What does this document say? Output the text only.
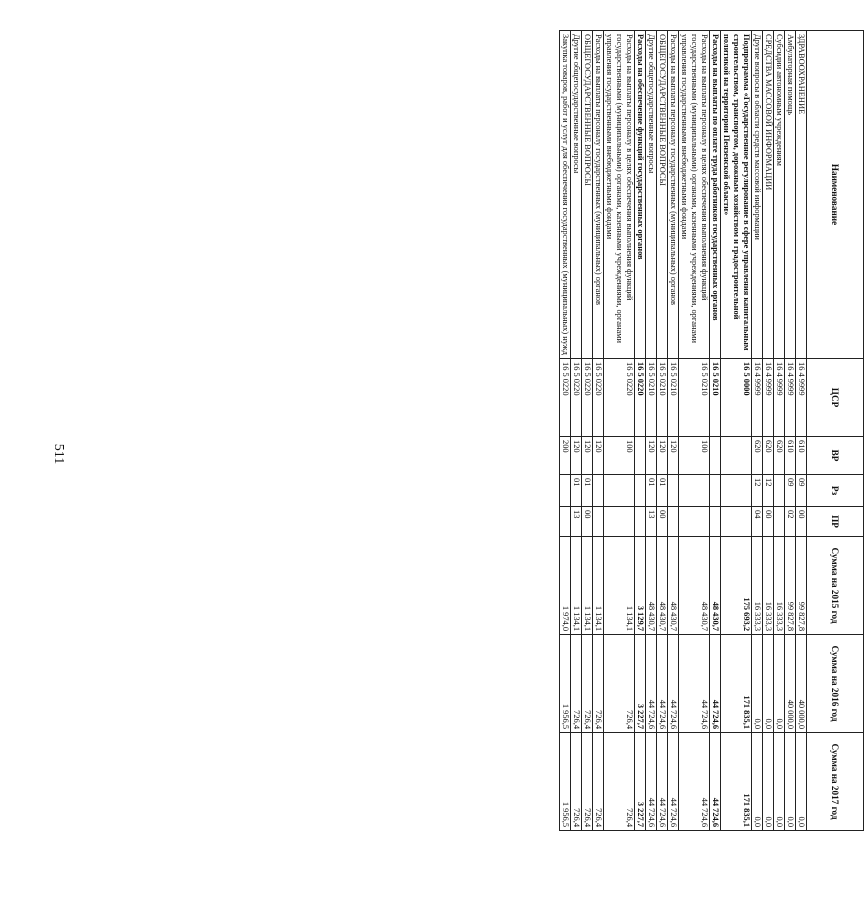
511
Наименование	ЦСР	ВР	Рз	ПР	Сумма на 2015 год	Сумма на 2016 год	Сумма на 2017 год
ЗДРАВООХРАНЕНИЕ	16 4 9999	610	09	00	99 827,8	40 000,0	0,0
Амбулаторная помощь	16 4 9999	610	09	02	99 827,8	40 000,0	0,0
Субсидии автономным учреждениям	16 4 9999	620			16 333,3	0,0	0,0
СРЕДСТВА МАССОВОЙ ИНФОРМАЦИИ	16 4 9999	620	12	00	16 333,3	0,0	0,0
Другие вопросы в области средств массовой информации	16 4 9999	620	12	04	16 333,3	0,0	0,0
Подпрограмма «Государственное регулирование в сфере управления капитальным строительством, транспортом, дорожным хозяйством и градостроительной политикой на территории Пензенской области»	16 5 0000				175 693,2	171 835,1	171 835,1
Расходы на выплаты по оплате труда работников государственных органов	16 5 0210				48 430,7	44 724,6	44 724,6
Расходы на выплаты персоналу в целях обеспечения выполнения функций государственными (муниципальными) органами, казенными учреждениями, органами управления государственными внебюджетными фондами	16 5 0210	100			48 430,7	44 724,6	44 724,6
Расходы на выплаты персоналу государственных (муниципальных) органов	16 5 0210	120			48 430,7	44 724,6	44 724,6
ОБЩЕГОСУДАРСТВЕННЫЕ ВОПРОСЫ	16 5 0210	120	01	00	48 430,7	44 724,6	44 724,6
Другие общегосударственные вопросы	16 5 0210	120	01	13	48 430,7	44 724,6	44 724,6
Расходы на обеспечение функций государственных органов	16 5 0220				3 129,7	3 227,7	3 227,7
Расходы на выплаты персоналу в целях обеспечения выполнения функций государственными (муниципальными) органами, казенными учреждениями, органами управления государственными внебюджетными фондами	16 5 0220	100			1 134,1	726,4	726,4
Расходы на выплаты персоналу государственных (муниципальных) органов	16 5 0220	120			1 134,1	726,4	726,4
ОБЩЕГОСУДАРСТВЕННЫЕ ВОПРОСЫ	16 5 0220	120	01	00	1 134,1	726,4	726,4
Другие общегосударственные вопросы	16 5 0220	120	01	13	1 134,1	726,4	726,4
Закупка товаров, работ и услуг для обеспечения государственных (муниципальных) нужд	16 5 0220	200			1 974,0	1 956,5	1 956,5
